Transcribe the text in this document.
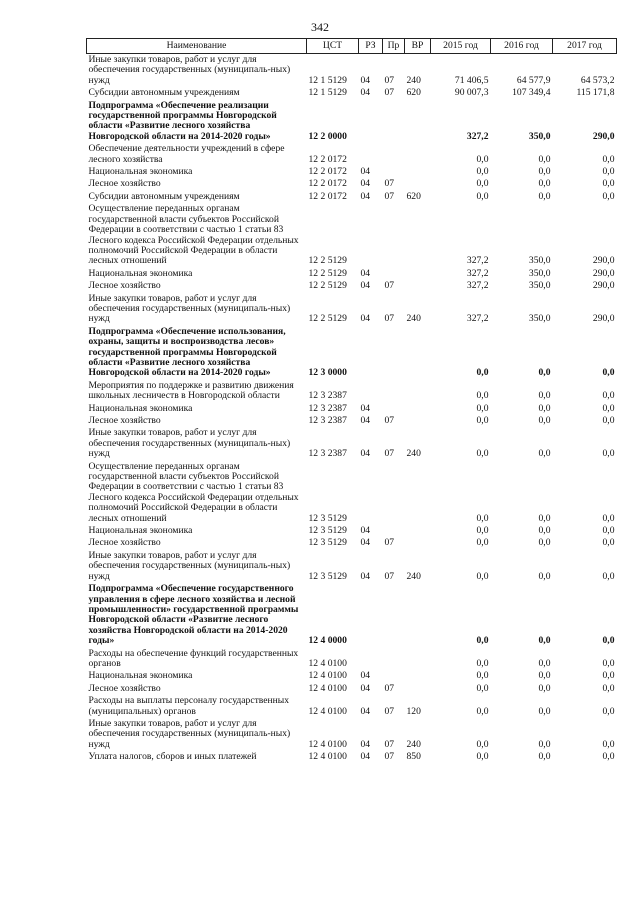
342
Наименование	ЦСТ	РЗ	Пр	ВР	2015 год	2016 год	2017 год
Иные закупки товаров, работ и услуг для обеспечения государственных (муниципаль-ных) нужд	12 1 5129	04	07	240	71 406,5	64 577,9	64 573,2
Субсидии автономным учреждениям	12 1 5129	04	07	620	90 007,3	107 349,4	115 171,8
Подпрограмма «Обеспечение реализации государственной программы Новгородской области «Развитие лесного хозяйства Новгородской области на 2014-2020 годы»	12 2 0000				327,2	350,0	290,0
Обеспечение деятельности учреждений в сфере лесного хозяйства	12 2 0172				0,0	0,0	0,0
Национальная экономика	12 2 0172	04			0,0	0,0	0,0
Лесное хозяйство	12 2 0172	04	07		0,0	0,0	0,0
Субсидии автономным учреждениям	12 2 0172	04	07	620	0,0	0,0	0,0
Осуществление переданных органам государственной власти субъектов Российской Федерации в соответствии с частью 1 статьи 83 Лесного кодекса Российской Федерации отдельных полномочий Российской Федерации в области лесных отношений	12 2 5129				327,2	350,0	290,0
Национальная экономика	12 2 5129	04			327,2	350,0	290,0
Лесное хозяйство	12 2 5129	04	07		327,2	350,0	290,0
Иные закупки товаров, работ и услуг для обеспечения государственных (муниципаль-ных) нужд	12 2 5129	04	07	240	327,2	350,0	290,0
Подпрограмма «Обеспечение использования, охраны, защиты и воспроизводства лесов» государственной программы Новгородской области «Развитие лесного хозяйства Новгородской области на 2014-2020 годы»	12 3 0000				0,0	0,0	0,0
Мероприятия по поддержке и развитию движения школьных лесничеств в Новгородской области	12 3 2387				0,0	0,0	0,0
Национальная экономика	12 3 2387	04			0,0	0,0	0,0
Лесное хозяйство	12 3 2387	04	07		0,0	0,0	0,0
Иные закупки товаров, работ и услуг для обеспечения государственных (муниципаль-ных) нужд	12 3 2387	04	07	240	0,0	0,0	0,0
Осуществление переданных органам государственной власти субъектов Российской Федерации в соответствии с частью 1 статьи 83 Лесного кодекса Российской Федерации отдельных полномочий Российской Федерации в области лесных отношений	12 3 5129				0,0	0,0	0,0
Национальная экономика	12 3 5129	04			0,0	0,0	0,0
Лесное хозяйство	12 3 5129	04	07		0,0	0,0	0,0
Иные закупки товаров, работ и услуг для обеспечения государственных (муниципаль-ных) нужд	12 3 5129	04	07	240	0,0	0,0	0,0
Подпрограмма «Обеспечение государственного управления в сфере лесного хозяйства и лесной промышленности» государственной программы Новгородской области «Развитие лесного хозяйства Новгородской области на 2014-2020 годы»	12 4 0000				0,0	0,0	0,0
Расходы на обеспечение функций государственных органов	12 4 0100				0,0	0,0	0,0
Национальная экономика	12 4 0100	04			0,0	0,0	0,0
Лесное хозяйство	12 4 0100	04	07		0,0	0,0	0,0
Расходы на выплаты персоналу государственных (муниципальных) органов	12 4 0100	04	07	120	0,0	0,0	0,0
Иные закупки товаров, работ и услуг для обеспечения государственных (муниципаль-ных) нужд	12 4 0100	04	07	240	0,0	0,0	0,0
Уплата налогов, сборов и иных платежей	12 4 0100	04	07	850	0,0	0,0	0,0
